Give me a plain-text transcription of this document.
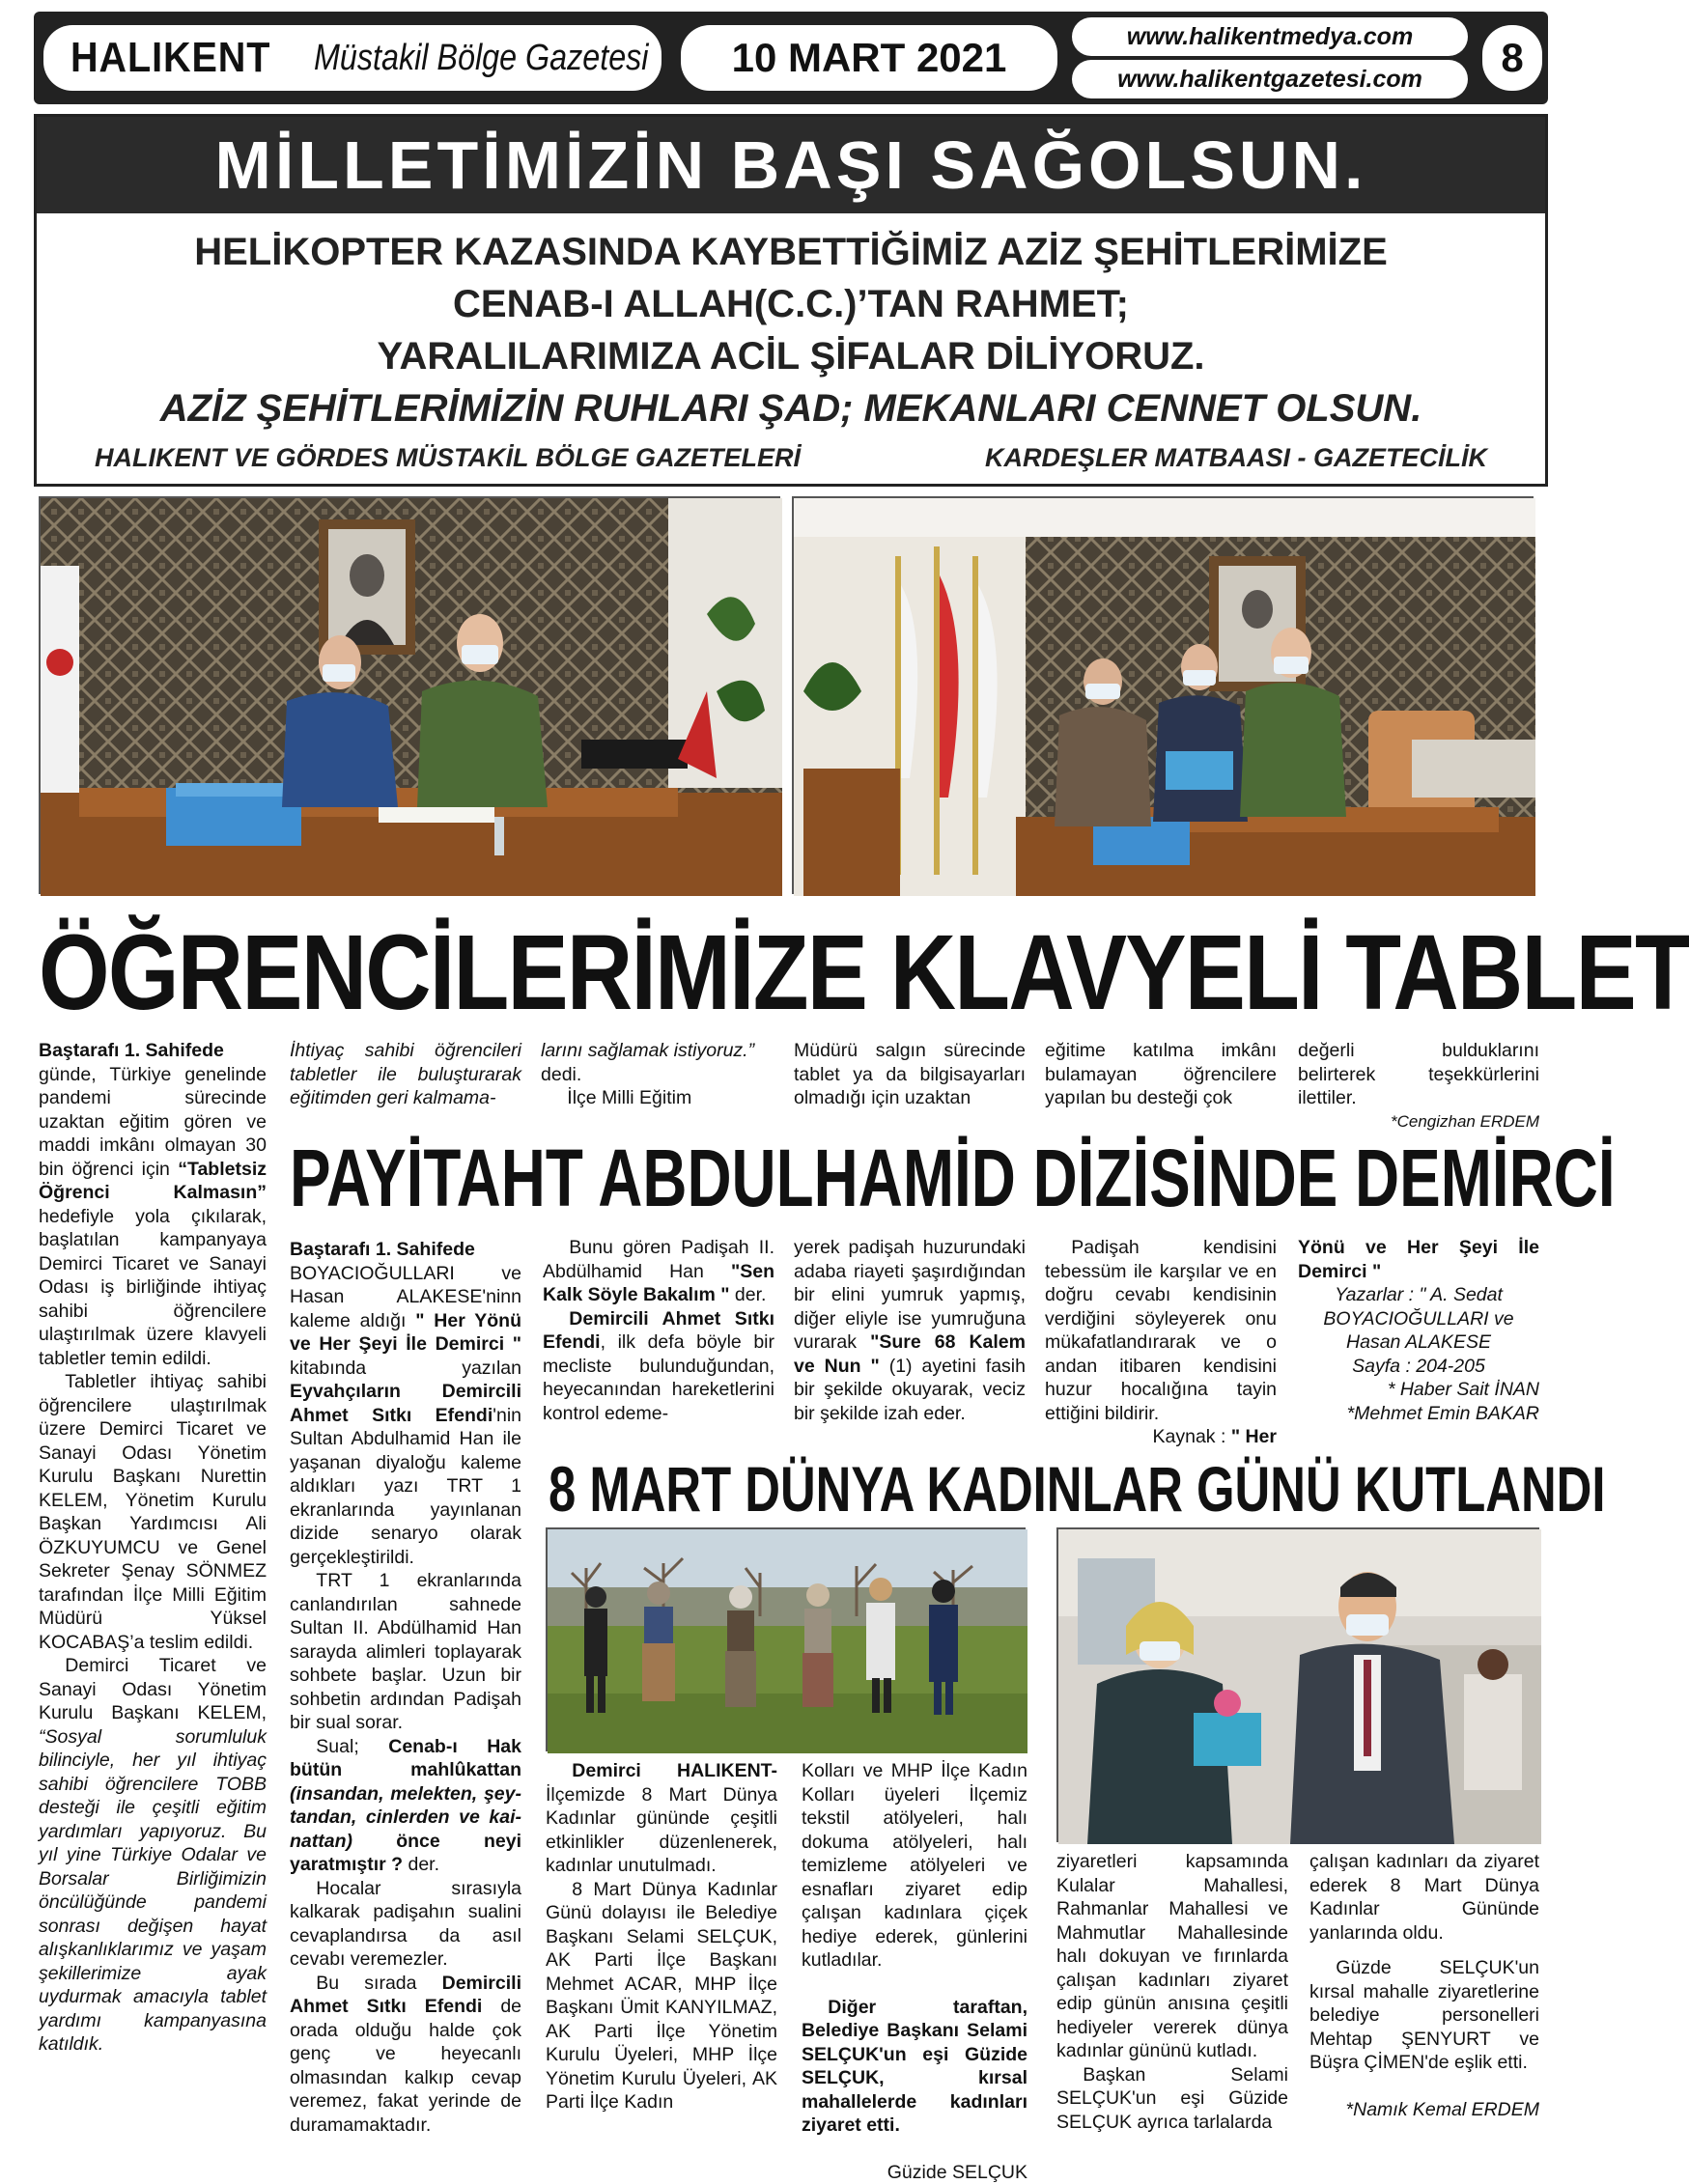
HALIKENT Müstakil Bölge Gazetesi	10 MART 2021	www.halikentmedya.com
www.halikentgazetesi.com	8
MİLLETİMİZİN BAŞI SAĞOLSUN.
HELİKOPTER KAZASINDA KAYBETTİĞİMİZ AZİZ ŞEHİTLERİMİZE
CENAB-I ALLAH(C.C.)’TAN RAHMET;
YARALILARIMIZA ACİL ŞİFALAR DİLİYORUZ.
AZİZ ŞEHİTLERİMİZİN RUHLARI ŞAD; MEKANLARI CENNET OLSUN.
HALIKENT VE GÖRDES MÜSTAKİL BÖLGE GAZETELERİ	KARDEŞLER MATBAASI - GAZETECİLİK
ÖĞRENCİLERİMİZE KLAVYELİ TABLET

Baştarafı 1. Sahifede

günde, Türkiye genelinde pandemi sürecinde uzaktan eğitim gören ve maddi imkânı olmayan 30 bin öğrenci için “Tabletsiz Öğrenci Kalmasın” hedefiyle yola çıkılarak, başlatılan kampanyaya Demirci Ticaret ve Sanayi Odası iş birliğinde ihtiyaç sahibi öğrencilere ulaştırılmak üzere klavyeli tabletler temin edildi.

Tabletler ihtiyaç sahibi öğrencilere ulaştırılmak üzere Demirci Ticaret ve Sanayi Odası Yönetim Kurulu Başkanı Nurettin KELEM, Yönetim Kurulu Başkan Yardımcısı Ali ÖZKUYUMCU ve Genel Sekreter Şenay SÖNMEZ tarafından İlçe Milli Eğitim Müdürü Yüksel KOCABAŞ’a teslim edildi.

Demirci Ticaret ve Sanayi Odası Yönetim Kurulu Başkanı KELEM, “Sosyal sorumluluk bilinciyle, her yıl ihtiyaç sahibi öğrencilere TOBB desteği ile çeşitli eğitim yardımları yapıyoruz. Bu yıl yine Türkiye Odalar ve Borsalar Birliğimizin öncülüğünde pandemi sonrası değişen hayat alışkanlıklarımız ve yaşam şekillerimize ayak uydurmak amacıyla tablet yardımı kampanyasına katıldık.

İhtiyaç sahibi öğrencileri tabletler ile buluşturarak eğitimden geri kalmama-

larını sağlamak istiyoruz.”

dedi.

İlçe Milli Eğitim

Müdürü salgın sürecinde tablet ya da bilgisayarları olmadığı için uzaktan
eğitime katılma imkânı bulamayan öğrencilere yapılan bu desteği çok

değerli bulduklarını belirterek teşekkürlerini ilettiler.

*Cengizhan ERDEM

PAYİTAHT ABDULHAMİD DİZİSİNDE DEMİRCİ

Baştarafı 1. Sahifede

BOYACIOĞULLARI ve Hasan ALAKESE'ninn kaleme aldığı " Her Yönü ve Her Şeyi İle Demirci " kitabında yazılan Eyvahçıların Demircili Ahmet Sıtkı Efendi'nin Sultan Abdulhamid Han ile yaşanan diyaloğu kaleme aldıkları yazı TRT 1 ekranlarında yayınlanan dizide senaryo olarak gerçekleştirildi.

TRT 1 ekranlarında canlandırılan sahnede Sultan II. Abdülhamid Han sarayda alimleri toplayarak sohbete başlar. Uzun bir sohbetin ardından Padişah bir sual sorar.

Sual; Cenab-ı Hak bütün mahlûkattan (insandan, melekten, şey-tandan, cinlerden ve kai-nattan) önce neyi yaratmıştır ? der.

Hocalar sırasıyla kalkarak padişahın sualini cevaplandırsa da asıl cevabı veremezler.

Bu sırada Demircili Ahmet Sıtkı Efendi de orada olduğu halde çok genç ve heyecanlı olmasından kalkıp cevap veremez, fakat yerinde de duramamaktadır.

Bunu gören Padişah II. Abdülhamid Han "Sen Kalk Söyle Bakalım " der.

Demircili Ahmet Sıtkı Efendi, ilk defa böyle bir mecliste bulunduğundan, heyecanından hareketlerini kontrol edeme-

yerek padişah huzurundaki adaba riayeti şaşırdığından bir elini yumruk yapmış, diğer eliyle ise yumruğuna vurarak "Sure 68 Kalem ve Nun " (1) ayetini fasih bir şekilde okuyarak, veciz bir şekilde izah eder.

Padişah kendisini tebessüm ile karşılar ve en doğru cevabı kendisinin verdiğini söyleyerek onu mükafatlandırarak ve o andan itibaren kendisini huzur hocalığına tayin ettiğini bildirir.

Kaynak : " Her

Yönü ve Her Şeyi İle Demirci "

Yazarlar : " A. Sedat BOYACIOĞULLARI ve Hasan ALAKESE

Sayfa : 204-205

* Haber Sait İNAN

*Mehmet Emin BAKAR

8 MART DÜNYA KADINLAR GÜNÜ KUTLANDI

Demirci HALIKENT- İlçemizde 8 Mart Dünya Kadınlar gününde çeşitli etkinlikler düzenlenerek, kadınlar unutulmadı.

8 Mart Dünya Kadınlar Günü dolayısı ile Belediye Başkanı Selami SELÇUK, AK Parti İlçe Başkanı Mehmet ACAR, MHP İlçe Başkanı Ümit KANYILMAZ, AK Parti İlçe Yönetim Kurulu Üyeleri, MHP İlçe Yönetim Kurulu Üyeleri, AK Parti İlçe Kadın

Kolları ve MHP İlçe Kadın Kolları üyeleri İlçemiz tekstil atölyeleri, halı dokuma atölyeleri, halı temizleme atölyeleri ve esnafları ziyaret edip çalışan kadınlara çiçek hediye ederek, günlerini kutladılar.

Diğer taraftan, Belediye Başkanı Selami SELÇUK'un eşi Güzide SELÇUK, kırsal mahallelerde kadınları ziyaret etti.

Güzide SELÇUK

ziyaretleri kapsamında Kulalar Mahallesi, Rahmanlar Mahallesi ve Mahmutlar Mahallesinde halı dokuyan ve fırınlarda çalışan kadınları ziyaret edip günün anısına çeşitli hediyeler vererek dünya kadınlar gününü kutladı.

Başkan Selami SELÇUK'un eşi Güzide SELÇUK ayrıca tarlalarda

çalışan kadınları da ziyaret ederek 8 Mart Dünya Kadınlar Gününde yanlarında oldu.

Güzde SELÇUK'un kırsal mahalle ziyaretlerine belediye personelleri Mehtap ŞENYURT ve Büşra ÇİMEN'de eşlik etti.

*Namık Kemal ERDEM
